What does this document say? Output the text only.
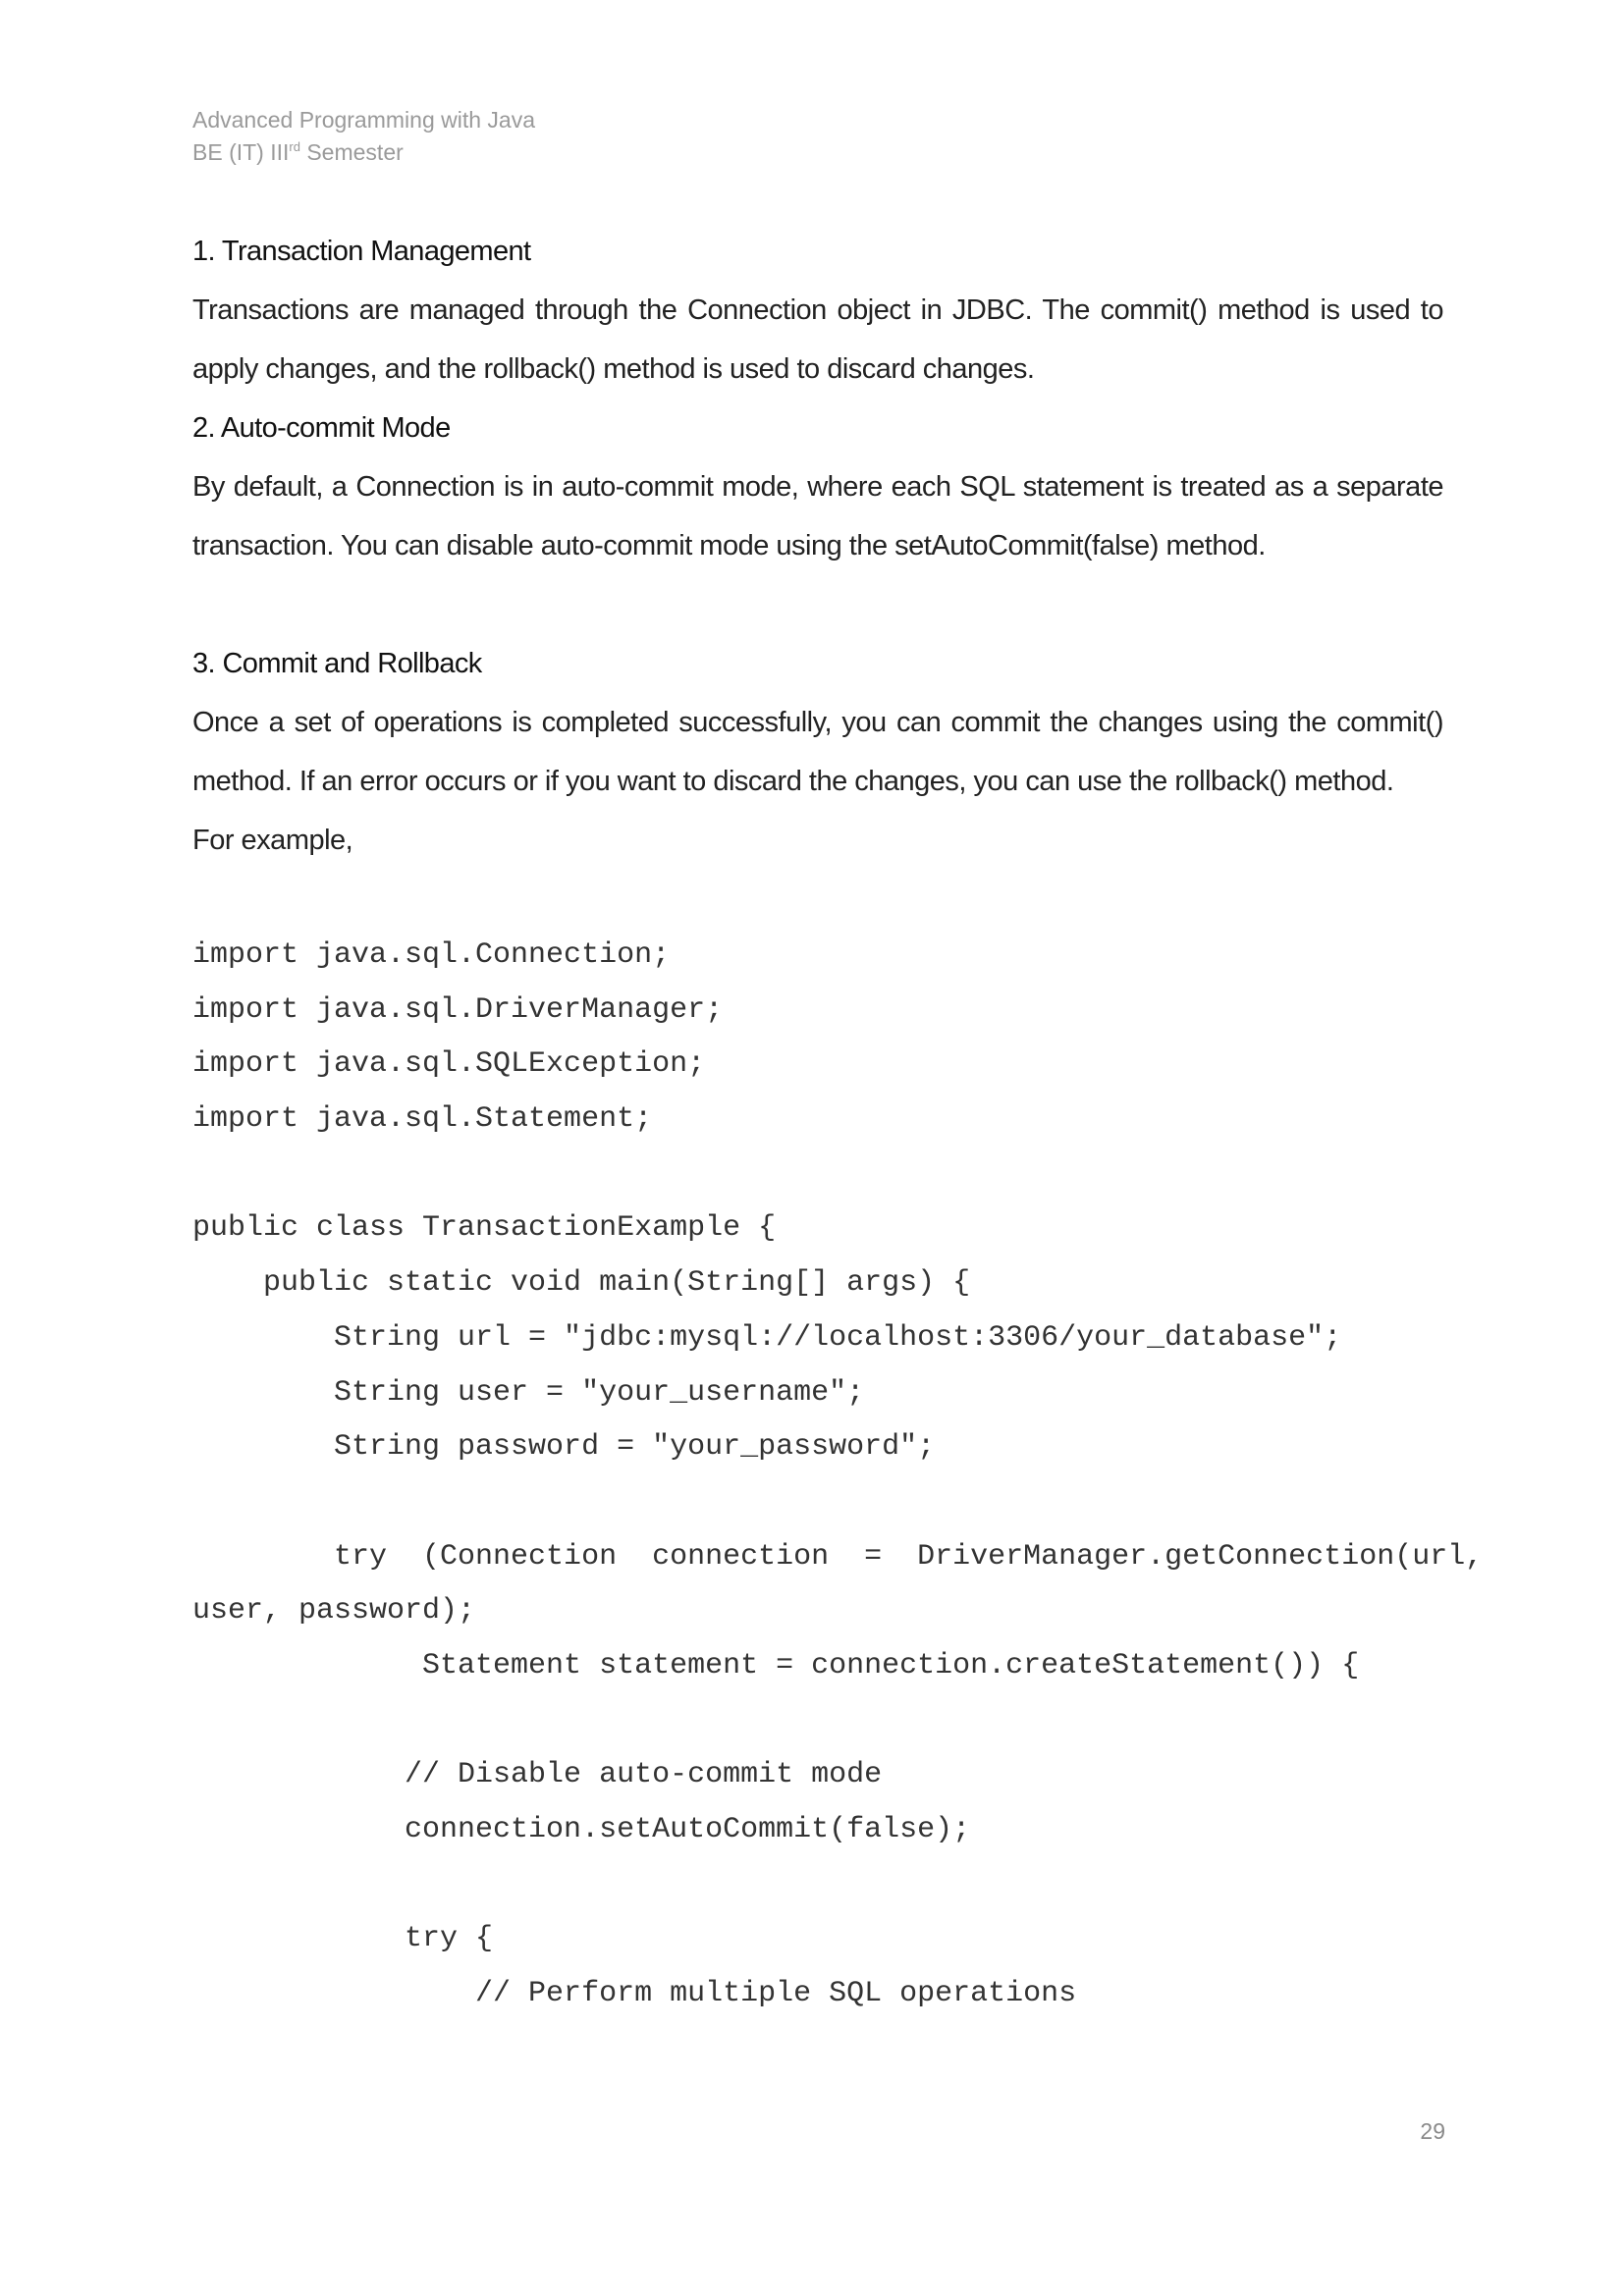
Advanced Programming with Java
BE (IT) IIIrd Semester
1. Transaction Management

Transactions are managed through the Connection object in JDBC. The commit() method is used to apply changes, and the rollback() method is used to discard changes.

2. Auto-commit Mode

By default, a Connection is in auto-commit mode, where each SQL statement is treated as a separate transaction. You can disable auto-commit mode using the setAutoCommit(false) method.

3. Commit and Rollback

Once a set of operations is completed successfully, you can commit the changes using the commit() method. If an error occurs or if you want to discard the changes, you can use the rollback() method.

For example,

import java.sql.Connection;
import java.sql.DriverManager;
import java.sql.SQLException;
import java.sql.Statement;
public class TransactionExample {
public static void main(String[] args) {
String url = "jdbc:mysql://localhost:3306/your_database";
String user = "your_username";
String password = "your_password";
try  (Connection  connection  =  DriverManager.getConnection(url,
user, password);
Statement statement = connection.createStatement()) {
// Disable auto-commit mode
connection.setAutoCommit(false);
try {
// Perform multiple SQL operations
29
